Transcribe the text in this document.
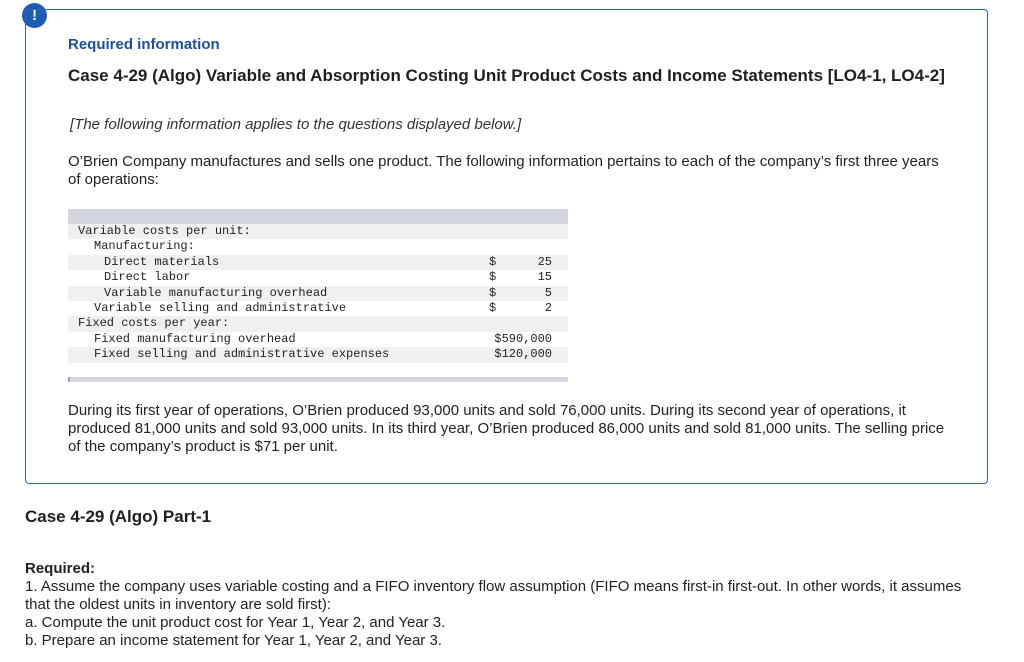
!
Required information
Case 4-29 (Algo) Variable and Absorption Costing Unit Product Costs and Income Statements [LO4-1, LO4-2]
[The following information applies to the questions displayed below.]
O’Brien Company manufactures and sells one product. The following information pertains to each of the company’s first three years of operations:
Variable costs per unit:
Manufacturing:
Direct materials	$	25
Direct labor	$	15
Variable manufacturing overhead	$	5
Variable selling and administrative	$	2
Fixed costs per year:
Fixed manufacturing overhead	$590,000
Fixed selling and administrative expenses	$120,000
During its first year of operations, O’Brien produced 93,000 units and sold 76,000 units. During its second year of operations, it produced 81,000 units and sold 93,000 units. In its third year, O’Brien produced 86,000 units and sold 81,000 units. The selling price of the company’s product is $71 per unit.
Case 4-29 (Algo) Part-1
Required:
1. Assume the company uses variable costing and a FIFO inventory flow assumption (FIFO means first-in first-out. In other words, it assumes that the oldest units in inventory are sold first):
a. Compute the unit product cost for Year 1, Year 2, and Year 3.
b. Prepare an income statement for Year 1, Year 2, and Year 3.
